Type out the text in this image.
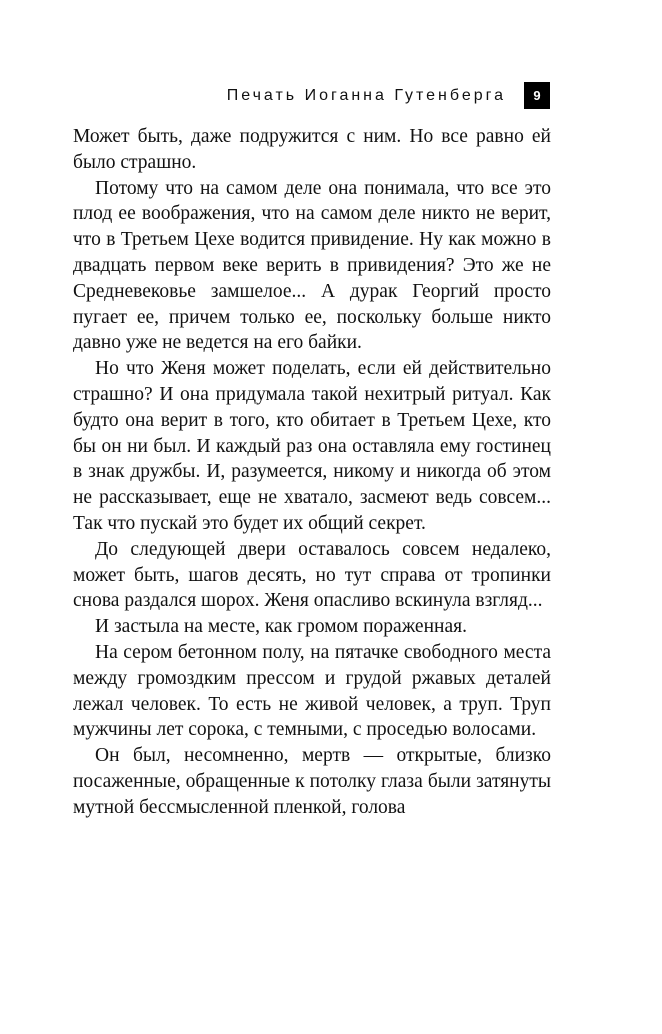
Печать Иоганна Гутенберга	9

Может быть, даже подружится с ним. Но все равно ей было страшно.

Потому что на самом деле она понимала, что все это плод ее воображения, что на самом деле никто не верит, что в Третьем Цехе водится привидение. Ну как можно в двадцать первом веке верить в привидения? Это же не Средневековье замшелое... А дурак Георгий просто пугает ее, причем только ее, поскольку больше никто давно уже не ведется на его байки.

Но что Женя может поделать, если ей действительно страшно? И она придумала такой нехитрый ритуал. Как будто она верит в того, кто обитает в Третьем Цехе, кто бы он ни был. И каждый раз она оставляла ему гостинец в знак дружбы. И, разумеется, никому и никогда об этом не рассказывает, еще не хватало, засмеют ведь совсем... Так что пускай это будет их общий секрет.

До следующей двери оставалось совсем недалеко, может быть, шагов десять, но тут справа от тропинки снова раздался шорох. Женя опасливо вскинула взгляд...

И застыла на месте, как громом пораженная.

На сером бетонном полу, на пятачке свободного места между громоздким прессом и грудой ржавых деталей лежал человек. То есть не живой человек, а труп. Труп мужчины лет сорока, с темными, с проседью волосами.

Он был, несомненно, мертв — открытые, близко посаженные, обращенные к потолку глаза были затянуты мутной бессмысленной пленкой, голова
